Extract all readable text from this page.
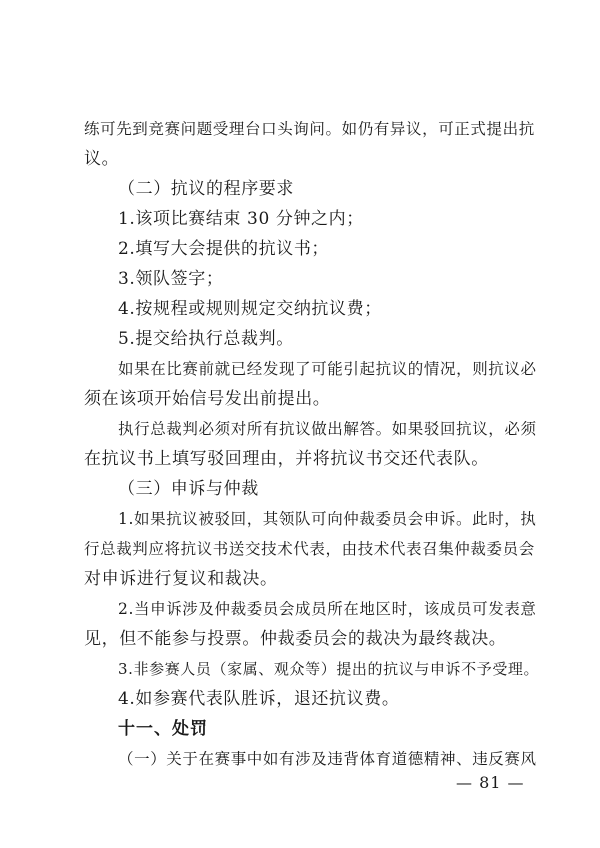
练可先到竞赛问题受理台口头询问。如仍有异议，可正式提出抗
议。
（二）抗议的程序要求
1.该项比赛结束 30 分钟之内；
2.填写大会提供的抗议书；
3.领队签字；
4.按规程或规则规定交纳抗议费；
5.提交给执行总裁判。
如果在比赛前就已经发现了可能引起抗议的情况，则抗议必
须在该项开始信号发出前提出。
执行总裁判必须对所有抗议做出解答。如果驳回抗议，必须
在抗议书上填写驳回理由，并将抗议书交还代表队。
（三）申诉与仲裁
1.如果抗议被驳回，其领队可向仲裁委员会申诉。此时，执
行总裁判应将抗议书送交技术代表，由技术代表召集仲裁委员会
对申诉进行复议和裁决。
2.当申诉涉及仲裁委员会成员所在地区时，该成员可发表意
见，但不能参与投票。仲裁委员会的裁决为最终裁决。
3.非参赛人员（家属、观众等）提出的抗议与申诉不予受理。
4.如参赛代表队胜诉，退还抗议费。
十一、处罚
（一）关于在赛事中如有涉及违背体育道德精神、违反赛风
— 81 —
